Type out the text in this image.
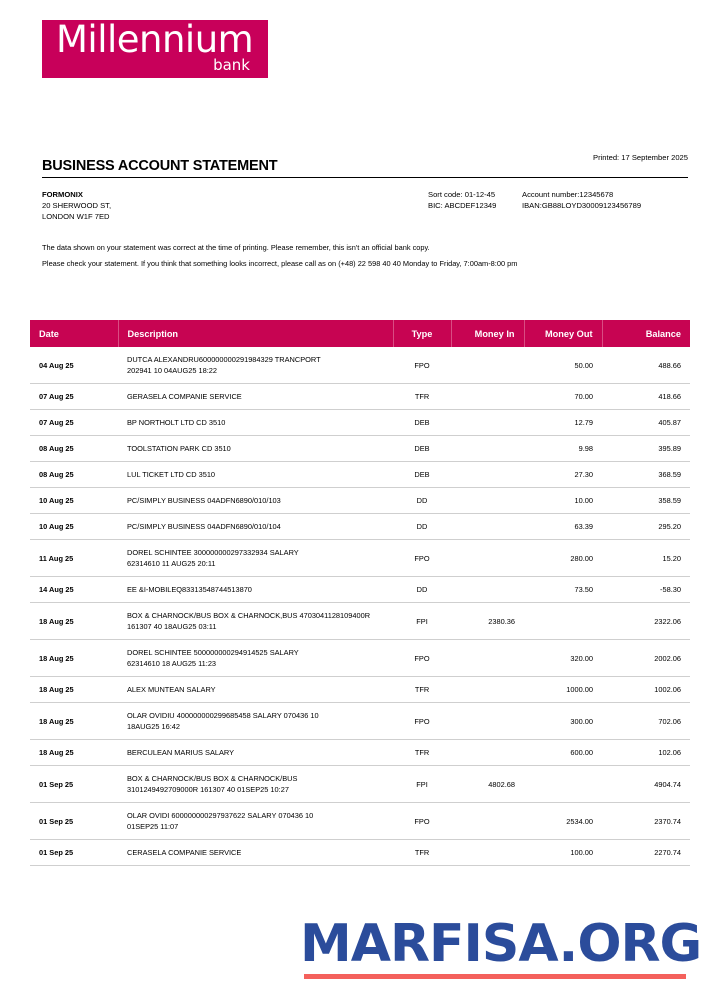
Millennium
bank
BUSINESS ACCOUNT STATEMENT
Printed: 17 September 2025
FORMONIX
20 SHERWOOD ST,
LONDON W1F 7ED
Sort code: 01-12-45	Account number:12345678
BIC: ABCDEF12349	IBAN:GB88LOYD30009123456789
The data shown on your statement was correct at the time of printing. Please remember, this isn't an official bank copy.
Please check your statement. If you think that something looks incorrect, please call as on (+48) 22 598 40 40 Monday to Friday, 7:00am-8:00 pm
Date	Description	Type	Money In	Money Out	Balance
04 Aug 25	DUTCA ALEXANDRU600000000291984329 TRANCPORT
202941 10 04AUG25 18:22	FPO		50.00	488.66
07 Aug 25	GERASELA COMPANIE SERVICE	TFR		70.00	418.66
07 Aug 25	BP NORTHOLT LTD CD 3510	DEB		12.79	405.87
08 Aug 25	TOOLSTATION PARK CD 3510	DEB		9.98	395.89
08 Aug 25	LUL TICKET LTD CD 3510	DEB		27.30	368.59
10 Aug 25	PC/SIMPLY BUSINESS 04ADFN6890/010/103	DD		10.00	358.59
10 Aug 25	PC/SIMPLY BUSINESS 04ADFN6890/010/104	DD		63.39	295.20
11 Aug 25	DOREL SCHINTEE 300000000297332934 SALARY
62314610 11 AUG25 20:11	FPO		280.00	15.20
14 Aug 25	EE &I-MOBILEQ83313548744513870	DD		73.50	-58.30
18 Aug 25	BOX & CHARNOCK/BUS BOX & CHARNOCK,BUS 4703041128109400R
161307 40 18AUG25 03:11	FPI	2380.36		2322.06
18 Aug 25	DOREL SCHINTEE 500000000294914525 SALARY
62314610 18 AUG25 11:23	FPO		320.00	2002.06
18 Aug 25	ALEX MUNTEAN SALARY	TFR		1000.00	1002.06
18 Aug 25	OLAR OVIDIU 400000000299685458 SALARY 070436 10
18AUG25 16:42	FPO		300.00	702.06
18 Aug 25	BERCULEAN MARIUS SALARY	TFR		600.00	102.06
01 Sep 25	BOX & CHARNOCK/BUS BOX & CHARNOCK/BUS
3101249492709000R 161307 40 01SEP25 10:27	FPI	4802.68		4904.74
01 Sep 25	OLAR OVIDI 600000000297937622 SALARY 070436 10
01SEP25 11:07	FPO		2534.00	2370.74
01 Sep 25	CERASELA COMPANIE SERVICE	TFR		100.00	2270.74
MARFISA.ORG
